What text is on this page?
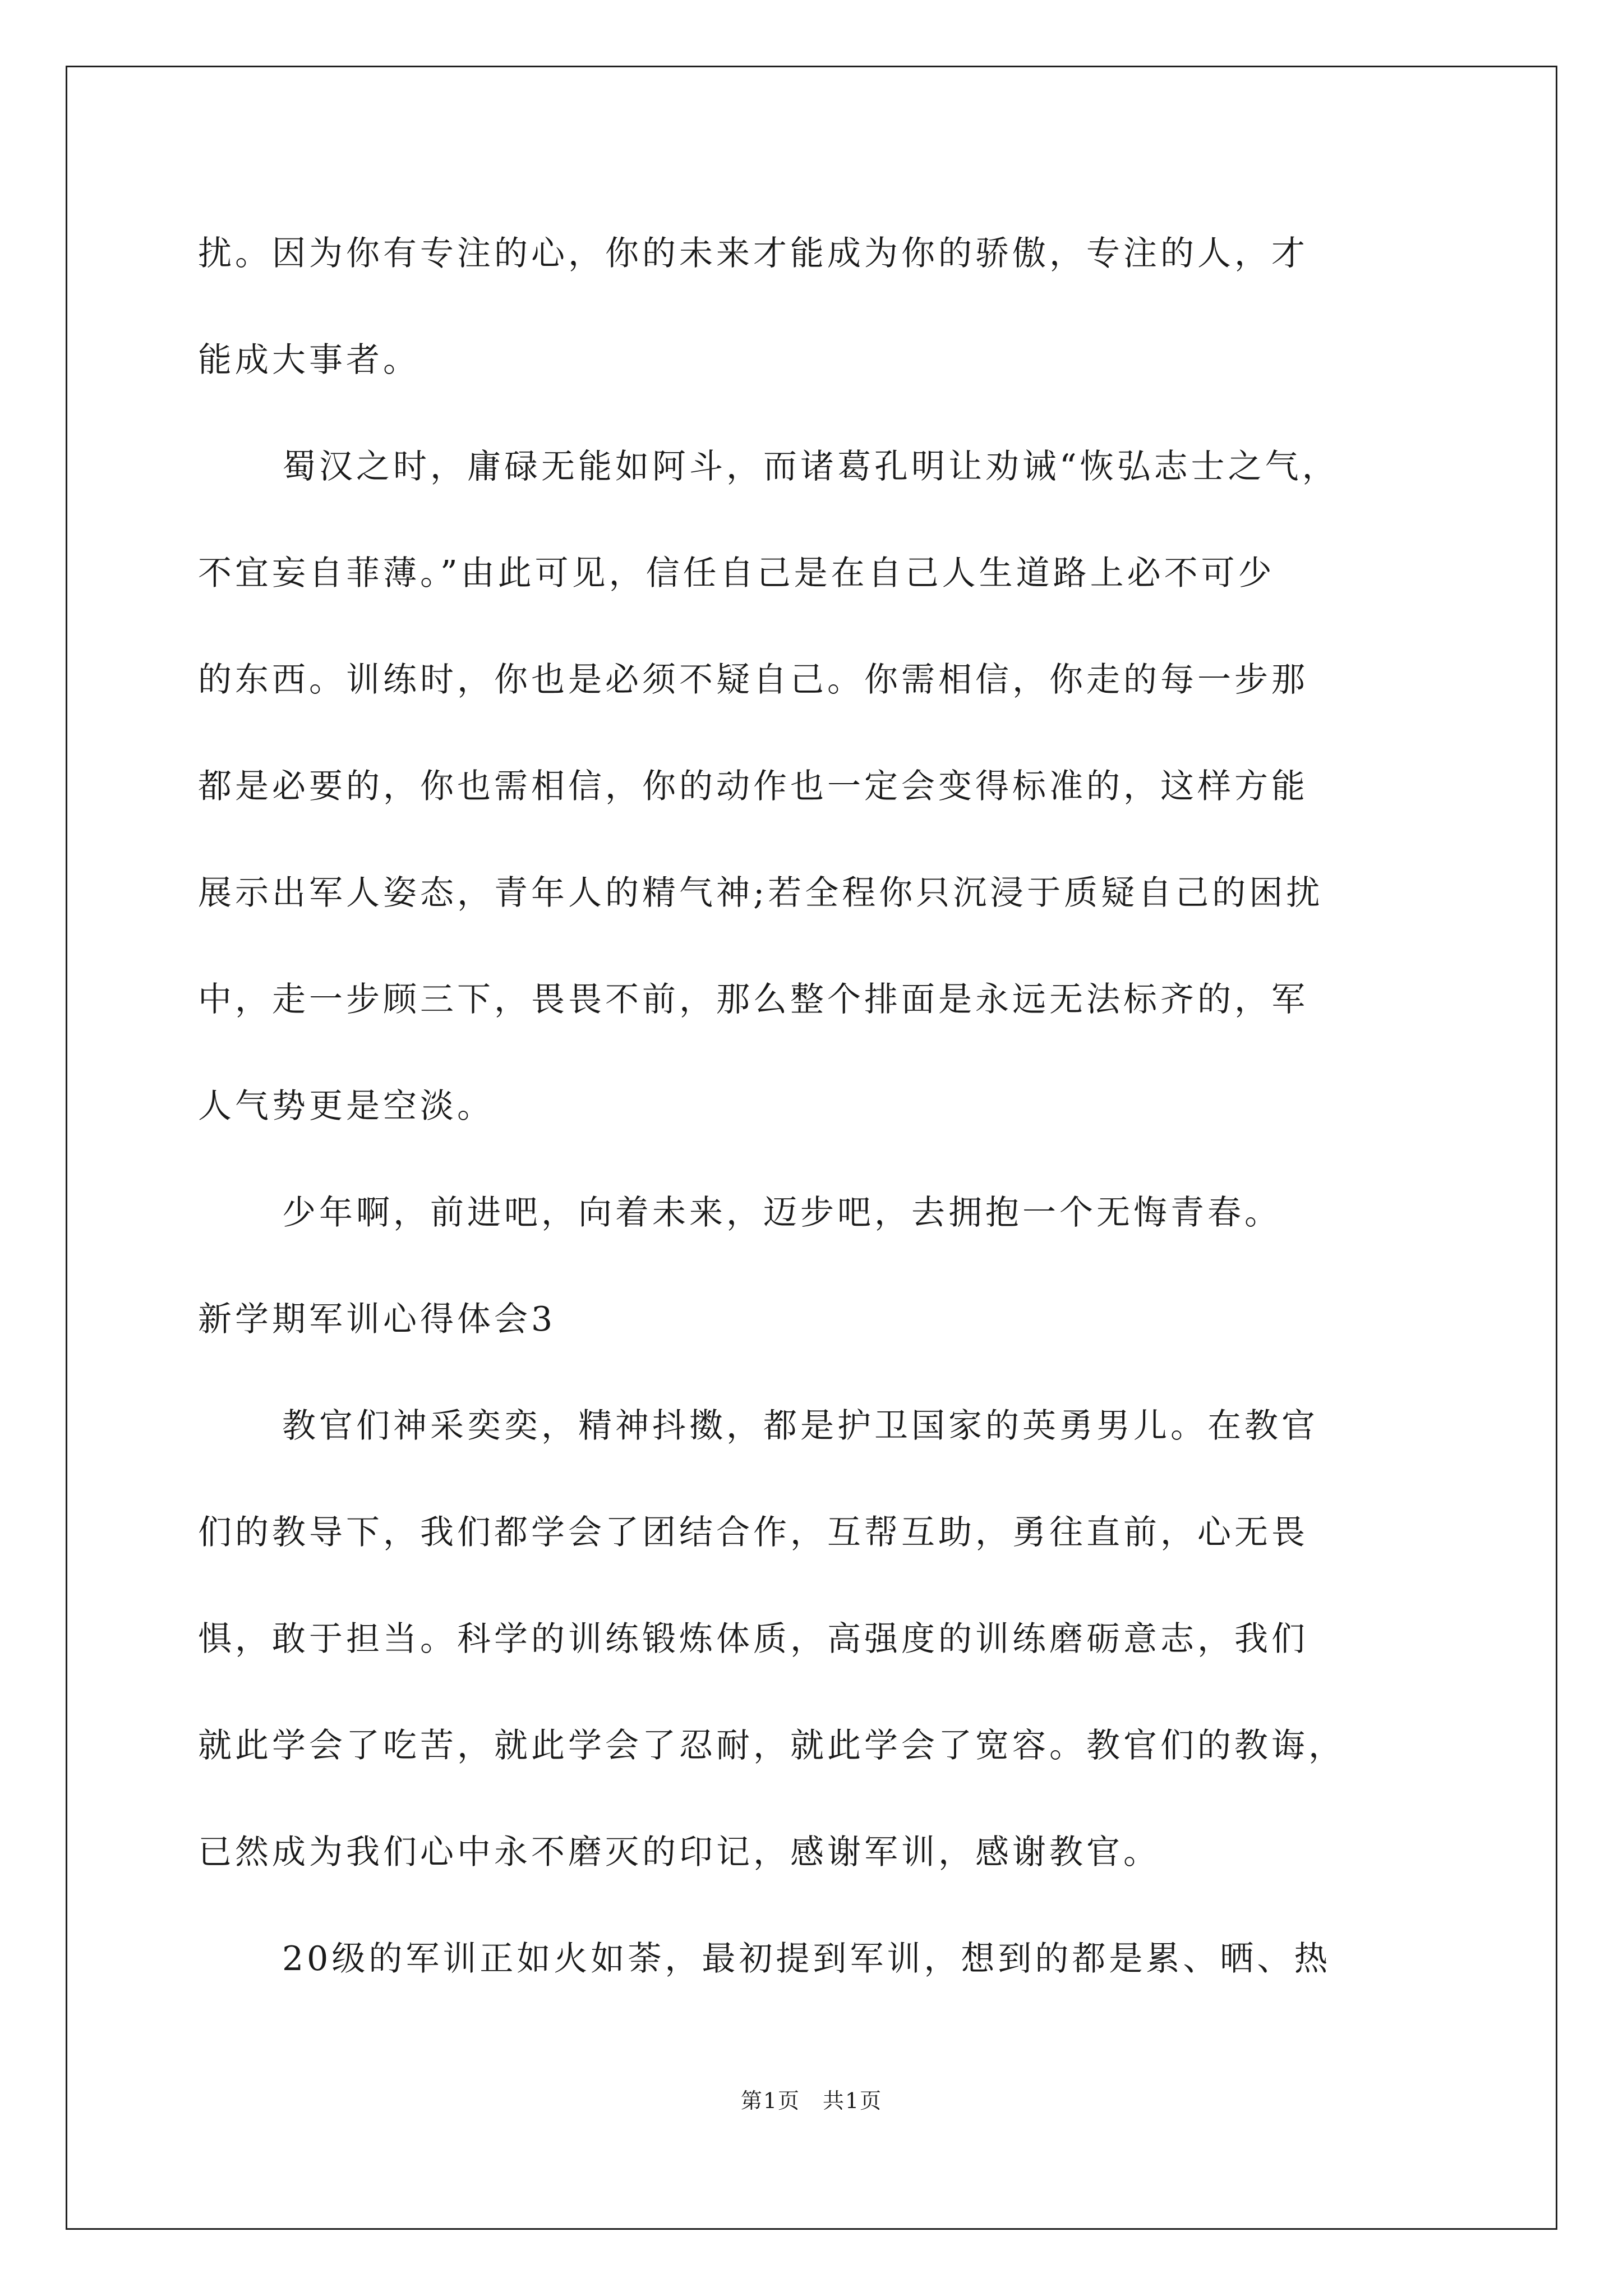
扰。因为你有专注的心，你的未来才能成为你的骄傲，专注的人，才
能成大事者。
蜀汉之时，庸碌无能如阿斗，而诸葛孔明让劝诫“恢弘志士之气，
不宜妄自菲薄。”由此可见，信任自己是在自己人生道路上必不可少
的东西。训练时，你也是必须不疑自己。你需相信，你走的每一步那
都是必要的，你也需相信，你的动作也一定会变得标准的，这样方能
展示出军人姿态，青年人的精气神;若全程你只沉浸于质疑自己的困扰
中，走一步顾三下，畏畏不前，那么整个排面是永远无法标齐的，军
人气势更是空淡。
少年啊，前进吧，向着未来，迈步吧，去拥抱一个无悔青春。
新学期军训心得体会3
教官们神采奕奕，精神抖擞，都是护卫国家的英勇男儿。在教官
们的教导下，我们都学会了团结合作，互帮互助，勇往直前，心无畏
惧，敢于担当。科学的训练锻炼体质，高强度的训练磨砺意志，我们
就此学会了吃苦，就此学会了忍耐，就此学会了宽容。教官们的教诲，
已然成为我们心中永不磨灭的印记，感谢军训，感谢教官。
20级的军训正如火如荼，最初提到军训，想到的都是累、晒、热
第1页 共1页
